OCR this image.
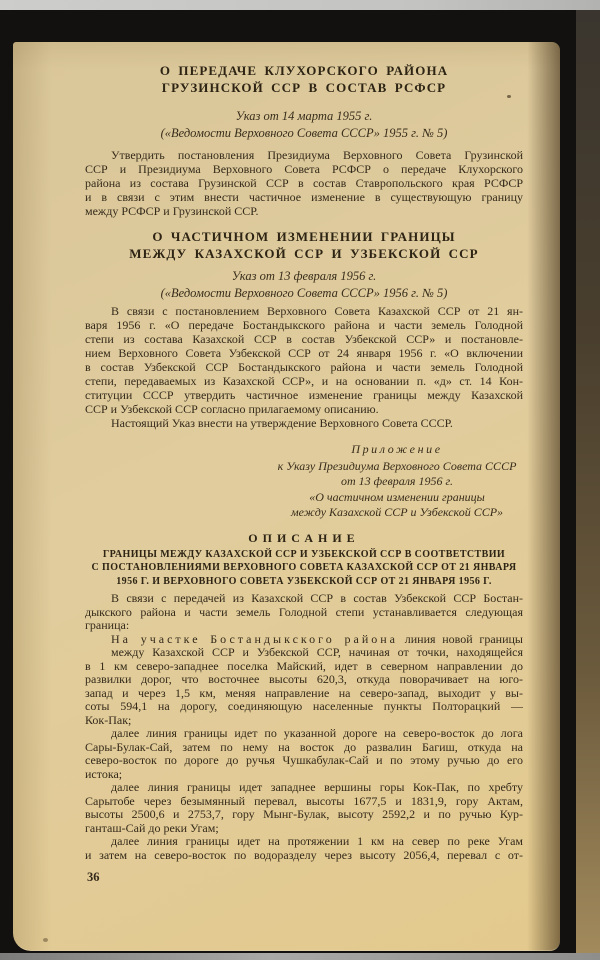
О ПЕРЕДАЧЕ КЛУХОРСКОГО РАЙОНА
ГРУЗИНСКОЙ ССР В СОСТАВ РСФСР
Указ от 14 марта 1955 г.
(«Ведомости Верховного Совета СССР» 1955 г. № 5)
Утвердить постановления Президиума Верховного Совета Грузинской
ССР и Президиума Верховного Совета РСФСР о передаче Клухорского
района из состава Грузинской ССР в состав Ставропольского края РСФСР
и в связи с этим внести частичное изменение в существующую границу
между РСФСР и Грузинской ССР.
О ЧАСТИЧНОМ ИЗМЕНЕНИИ ГРАНИЦЫ
МЕЖДУ КАЗАХСКОЙ ССР И УЗБЕКСКОЙ ССР
Указ от 13 февраля 1956 г.
(«Ведомости Верховного Совета СССР» 1956 г. № 5)
В связи с постановлением Верховного Совета Казахской ССР от 21 ян-
варя 1956 г. «О передаче Бостандыкского района и части земель Голодной
степи из состава Казахской ССР в состав Узбекской ССР» и постановле-
нием Верховного Совета Узбекской ССР от 24 января 1956 г. «О включении
в состав Узбекской ССР Бостандыкского района и части земель Голодной
степи, передаваемых из Казахской ССР», и на основании п. «д» ст. 14 Кон-
ституции СССР утвердить частичное изменение границы между Казахской
ССР и Узбекской ССР согласно прилагаемому описанию.
Настоящий Указ внести на утверждение Верховного Совета СССР.
Приложение
к Указу Президиума Верховного Совета СССР
от 13 февраля 1956 г.
«О частичном изменении границы
между Казахской ССР и Узбекской ССР»
ОПИСАНИЕ
ГРАНИЦЫ МЕЖДУ КАЗАХСКОЙ ССР И УЗБЕКСКОЙ ССР В СООТВЕТСТВИИ
С ПОСТАНОВЛЕНИЯМИ ВЕРХОВНОГО СОВЕТА КАЗАХСКОЙ ССР ОТ 21 ЯНВАРЯ
1956 Г. И ВЕРХОВНОГО СОВЕТА УЗБЕКСКОЙ ССР ОТ 21 ЯНВАРЯ 1956 Г.
В связи с передачей из Казахской ССР в состав Узбекской ССР Бостан-
дыкского района и части земель Голодной степи устанавливается следующая
граница:
На участке Бостандыкского района линия новой границы
между Казахской ССР и Узбекской ССР, начиная от точки, находящейся
в 1 км северо-западнее поселка Майский, идет в северном направлении до
развилки дорог, что восточнее высоты 620,3, откуда поворачивает на юго-
запад и через 1,5 км, меняя направление на северо-запад, выходит у вы-
соты 594,1 на дорогу, соединяющую населенные пункты Полторацкий —
Кок-Пак;
далее линия границы идет по указанной дороге на северо-восток до лога
Сары-Булак-Сай, затем по нему на восток до развалин Багиш, откуда на
северо-восток по дороге до ручья Чушкабулак-Сай и по этому ручью до его
истока;
далее линия границы идет западнее вершины горы Кок-Пак, по хребту
Сарытобе через безымянный перевал, высоты 1677,5 и 1831,9, гору Актам,
высоты 2500,6 и 2753,7, гору Мынг-Булак, высоту 2592,2 и по ручью Кур-
ганташ-Сай до реки Угам;
далее линия границы идет на протяжении 1 км на север по реке Угам
и затем на северо-восток по водоразделу через высоту 2056,4, перевал с от-
36
